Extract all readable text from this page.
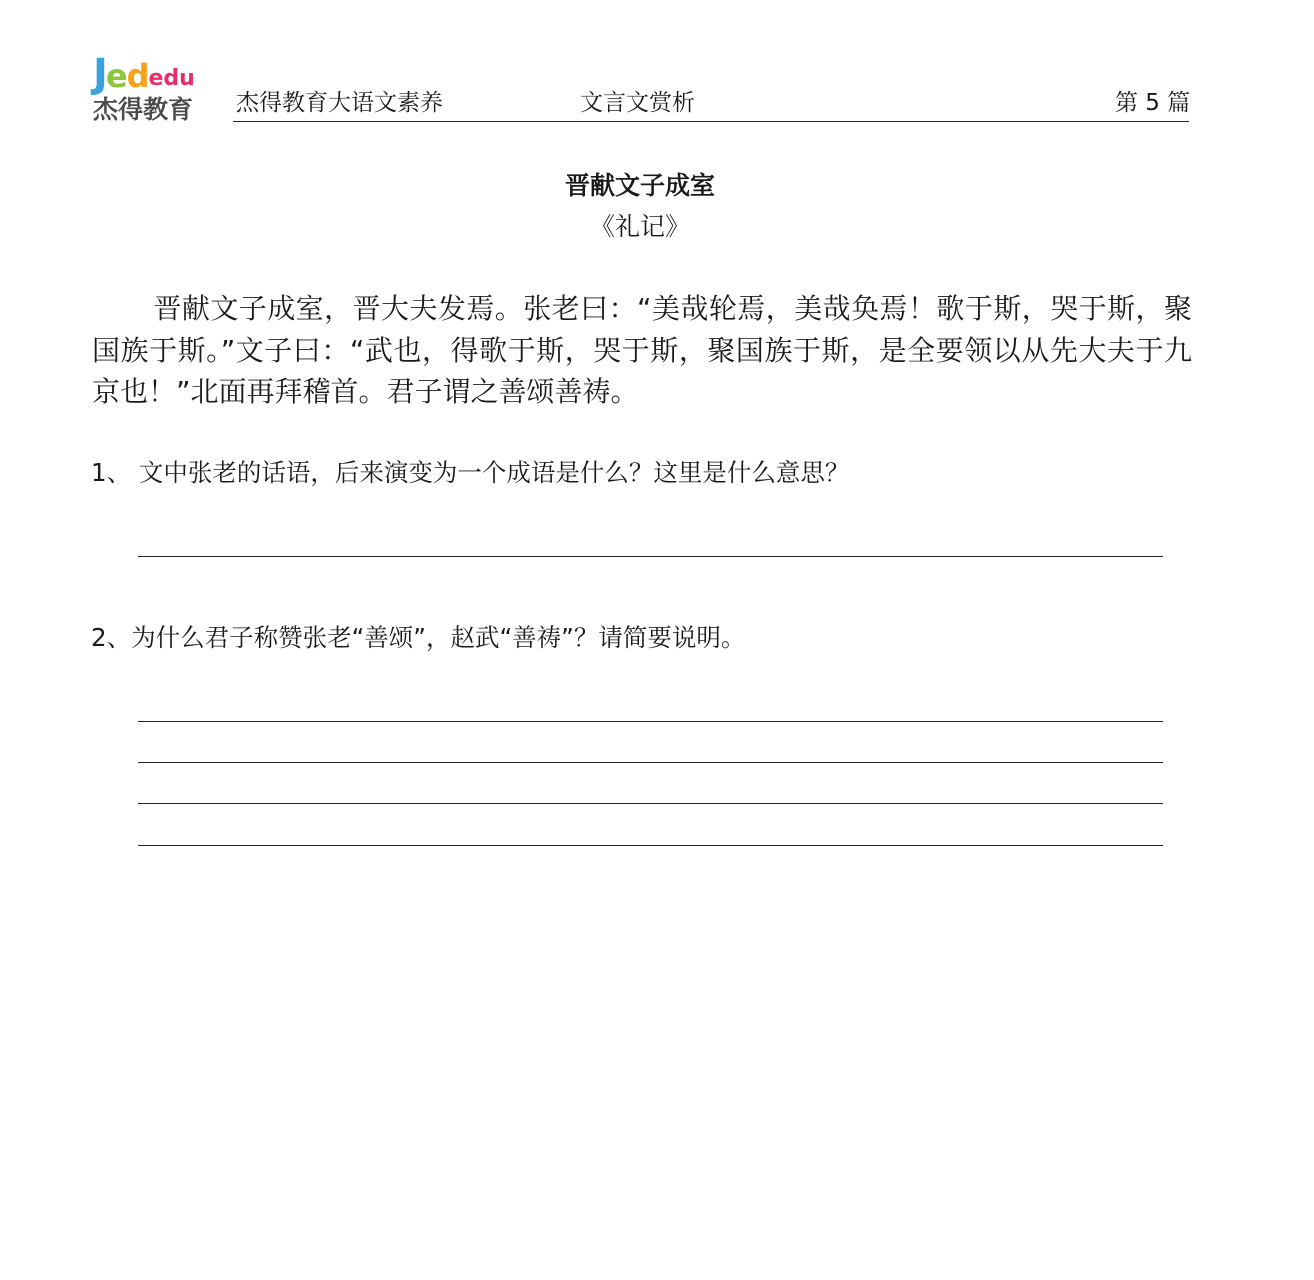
Jededu
杰得教育 杰得教育大语文素养	文言文赏析	第 5 篇
晋献文子成室
《礼记》

晋献文子成室，晋大夫发焉。张老曰：“美哉轮焉，美哉奂焉！歌于斯，哭于斯，聚国族于斯。”文子曰：“武也，得歌于斯，哭于斯，聚国族于斯，是全要领以从先大夫于九京也！”北面再拜稽首。君子谓之善颂善祷。

1、 文中张老的话语，后来演变为一个成语是什么？这里是什么意思？
2、为什么君子称赞张老“善颂”，赵武“善祷”？请简要说明。
